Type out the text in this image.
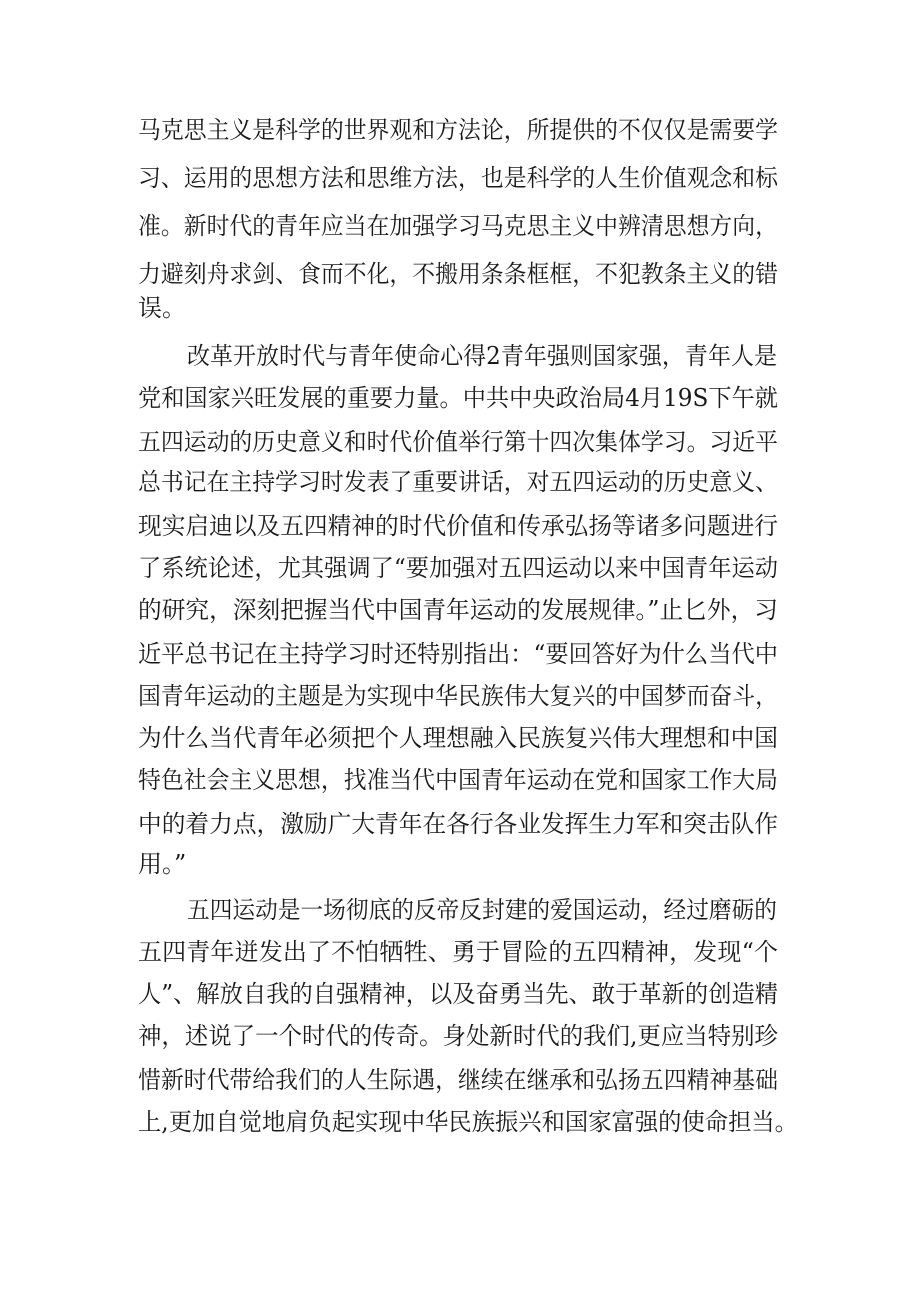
马克思主义是科学的世界观和方法论，所提供的不仅仅是需要学

习、运用的思想方法和思维方法，也是科学的人生价值观念和标

准。新时代的青年应当在加强学习马克思主义中辨清思想方向，

力避刻舟求剑、食而不化，不搬用条条框框，不犯教条主义的错

误。

改革开放时代与青年使命心得2青年强则国家强，青年人是

党和国家兴旺发展的重要力量。中共中央政治局4月19S下午就

五四运动的历史意义和时代价值举行第十四次集体学习。习近平

总书记在主持学习时发表了重要讲话，对五四运动的历史意义、

现实启迪以及五四精神的时代价值和传承弘扬等诸多问题进行

了系统论述，尤其强调了“要加强对五四运动以来中国青年运动

的研究，深刻把握当代中国青年运动的发展规律。”止匕外，习

近平总书记在主持学习时还特别指出：“要回答好为什么当代中

国青年运动的主题是为实现中华民族伟大复兴的中国梦而奋斗，

为什么当代青年必须把个人理想融入民族复兴伟大理想和中国

特色社会主义思想，找准当代中国青年运动在党和国家工作大局

中的着力点，激励广大青年在各行各业发挥生力军和突击队作

用。”

五四运动是一场彻底的反帝反封建的爱国运动，经过磨砺的

五四青年迸发出了不怕牺牲、勇于冒险的五四精神，发现“个

人”、解放自我的自强精神，以及奋勇当先、敢于革新的创造精

神，述说了一个时代的传奇。身处新时代的我们,更应当特别珍

惜新时代带给我们的人生际遇，继续在继承和弘扬五四精神基础

上,更加自觉地肩负起实现中华民族振兴和国家富强的使命担当。
